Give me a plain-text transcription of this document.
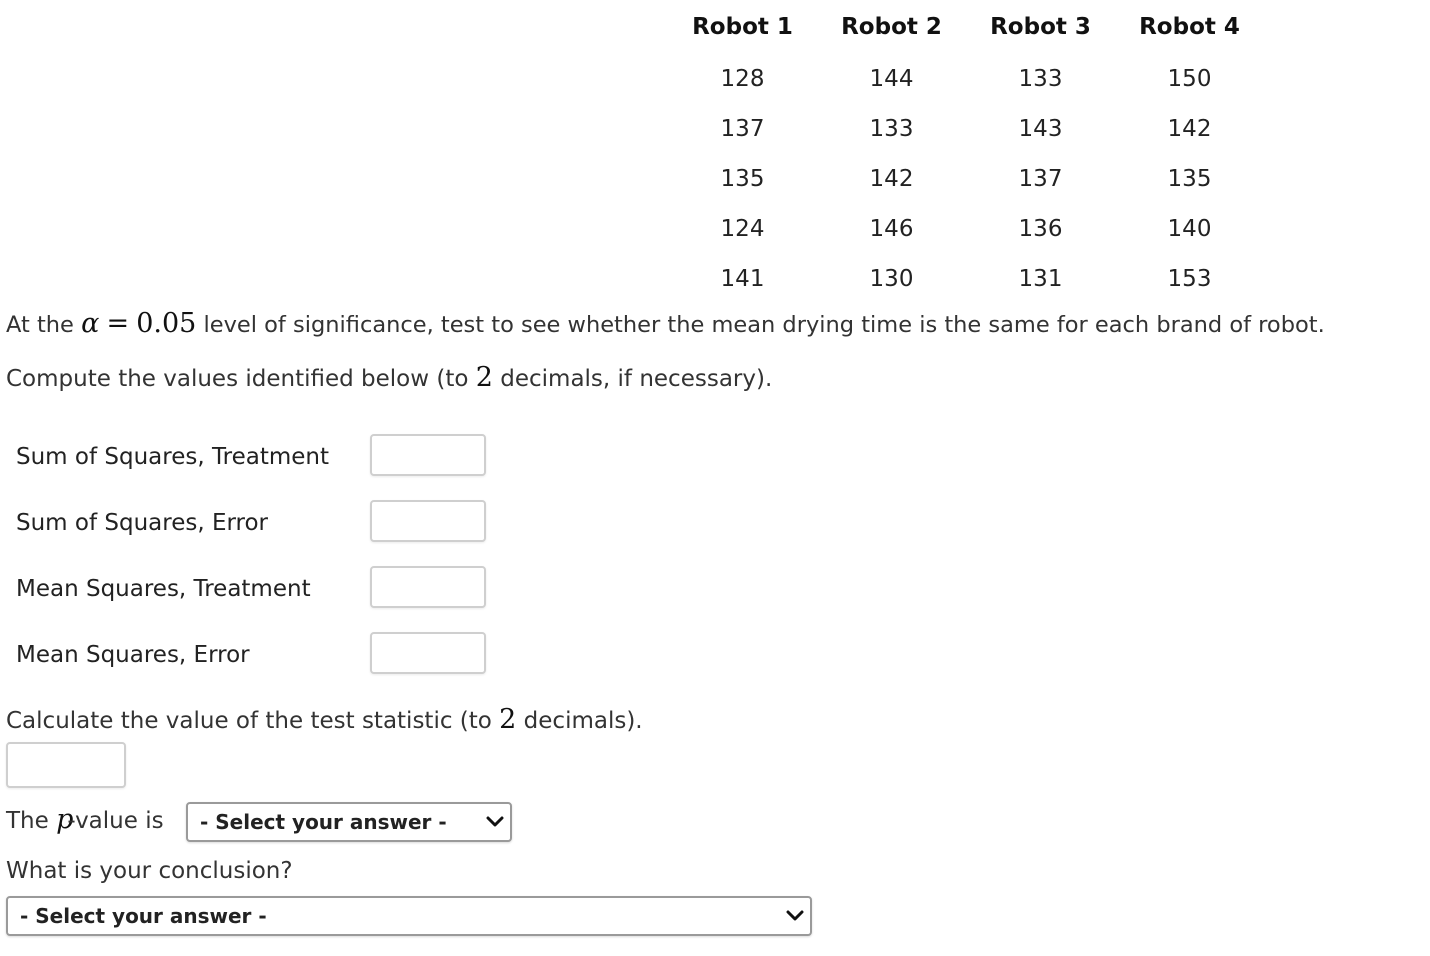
Robot 1	Robot 2	Robot 3	Robot 4
128	144	133	150
137	133	143	142
135	142	137	135
124	146	136	140
141	130	131	153
At the α = 0.05 level of significance, test to see whether the mean drying time is the same for each brand of robot.
Compute the values identified below (to 2 decimals, if necessary).
Sum of Squares, Treatment
Sum of Squares, Error
Mean Squares, Treatment
Mean Squares, Error
Calculate the value of the test statistic (to 2 decimals).
The p-value is - Select your answer -
What is your conclusion?
- Select your answer -
